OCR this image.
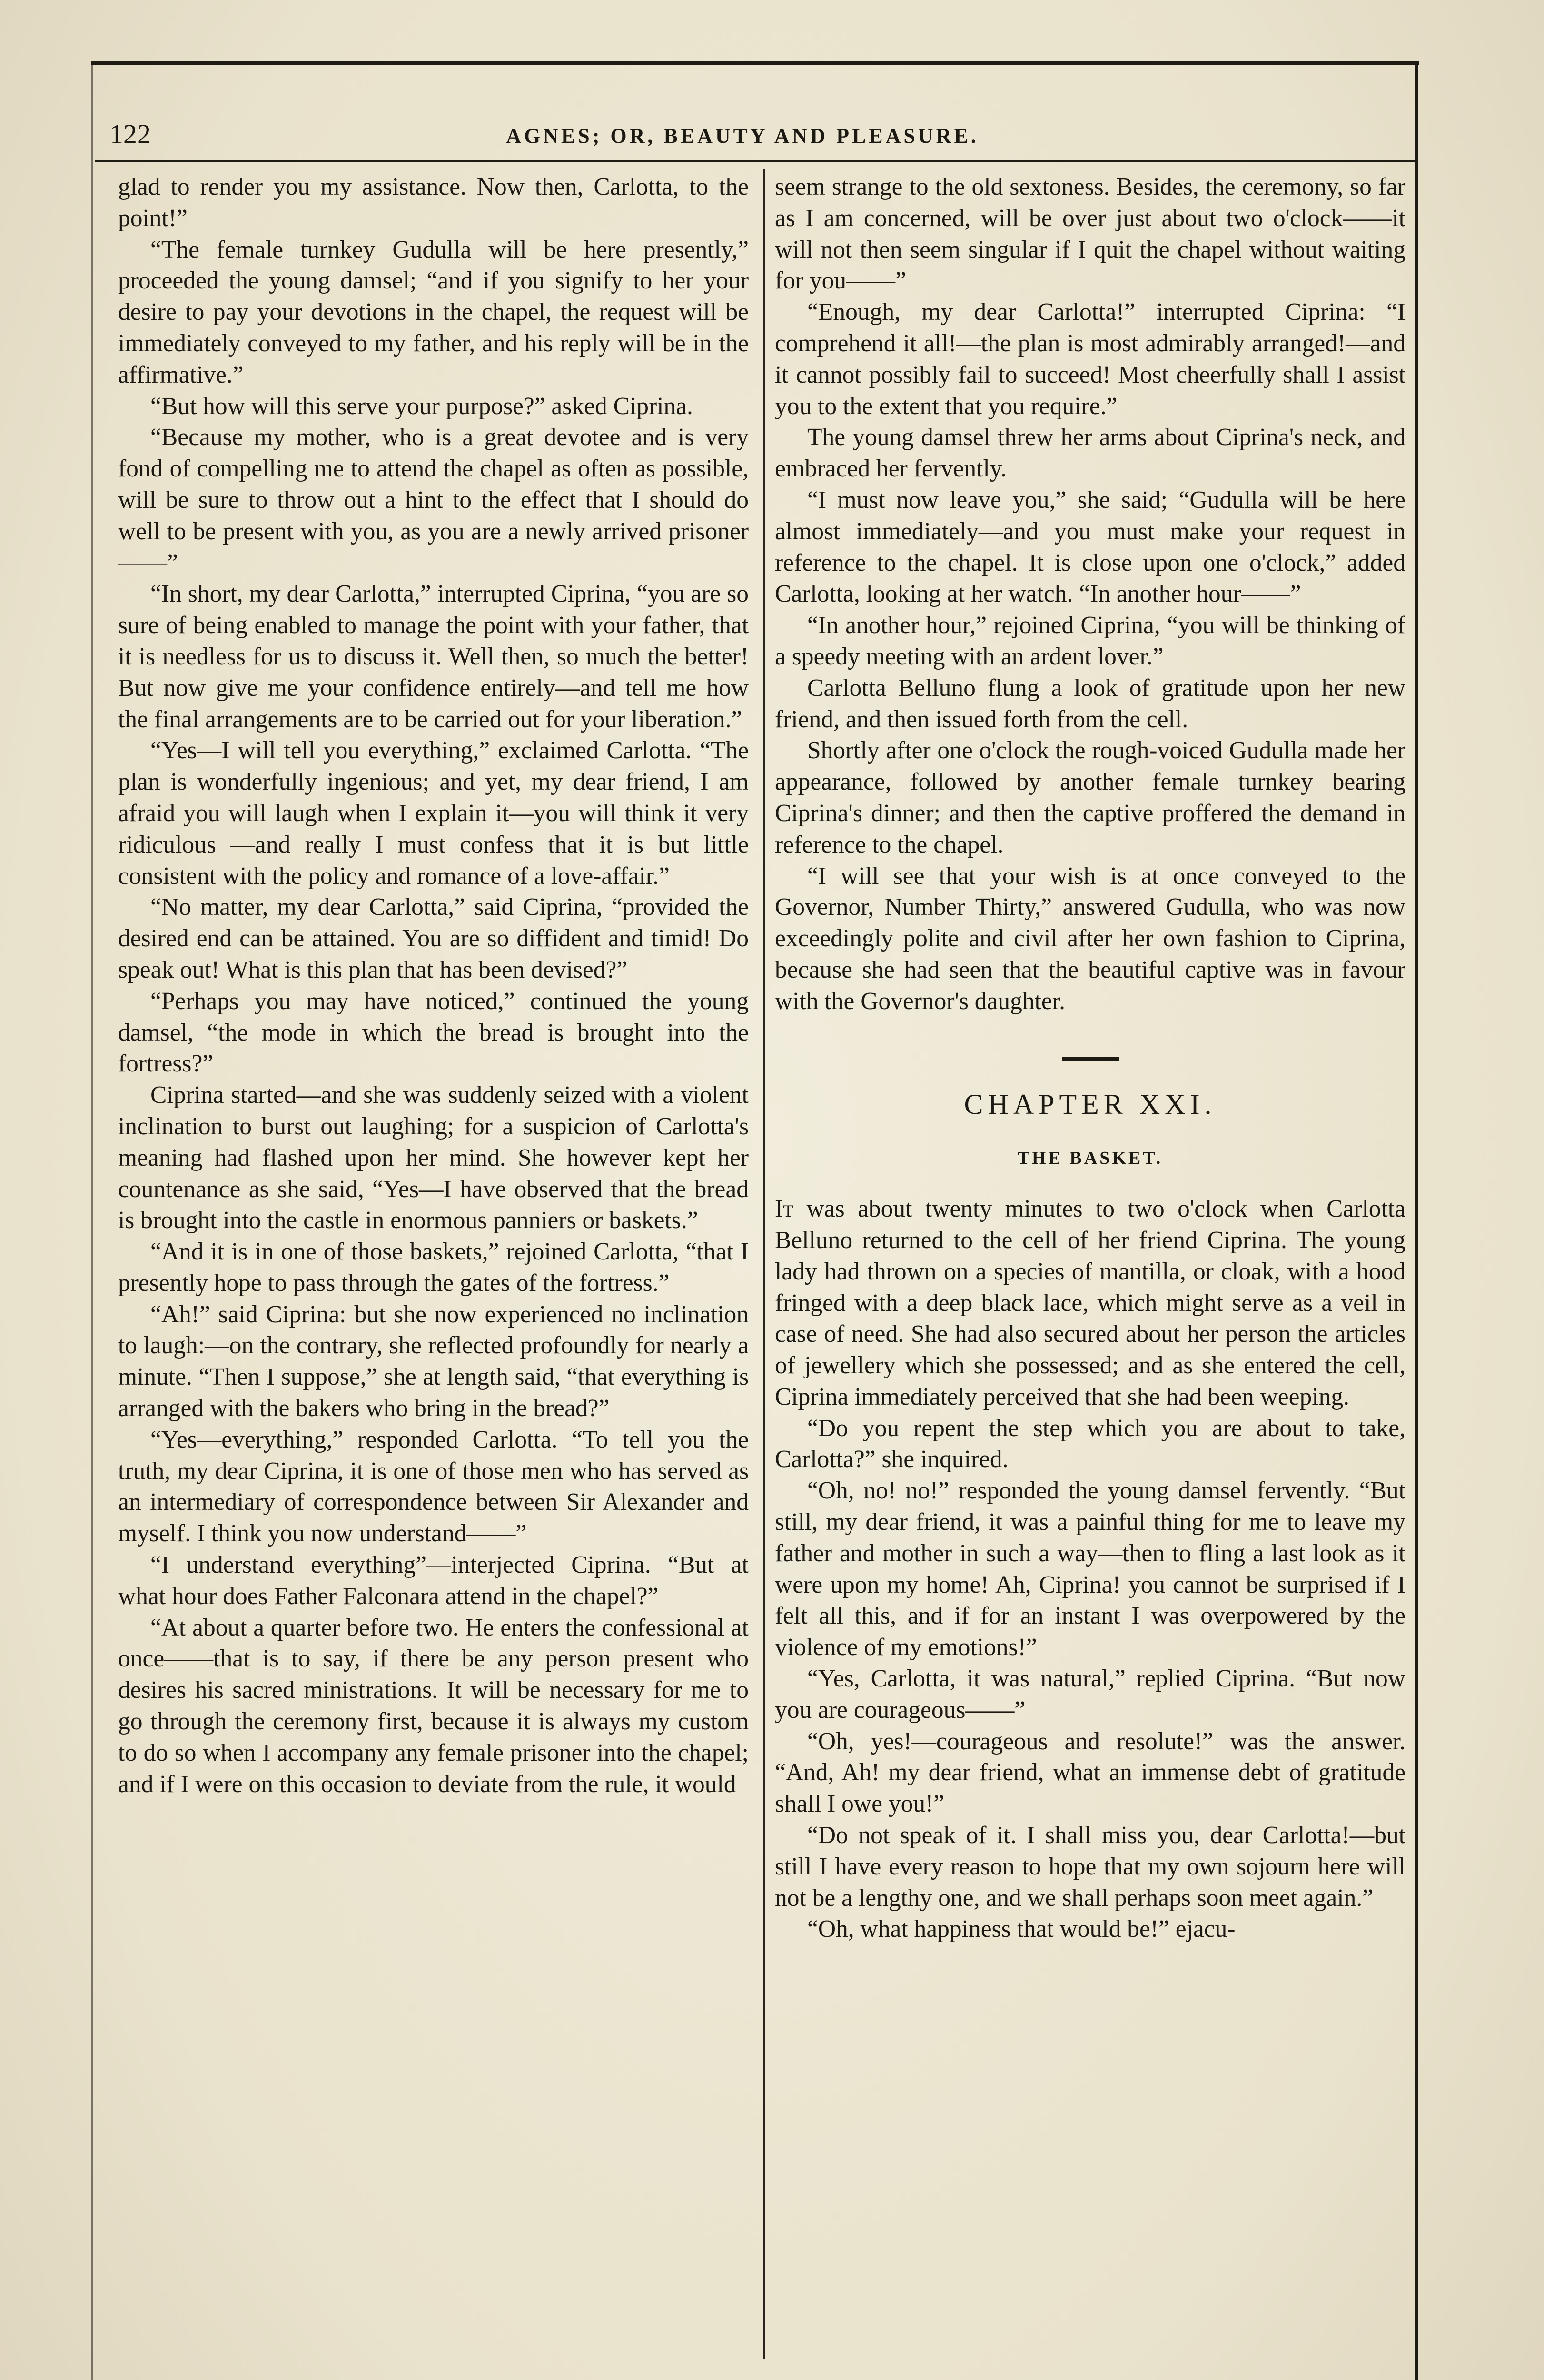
122	AGNES; OR, BEAUTY AND PLEASURE.

glad to render you my assistance. Now then, Carlotta, to the point!”

“The female turnkey Gudulla will be here presently,” proceeded the young damsel; “and if you signify to her your desire to pay your devotions in the chapel, the request will be immediately conveyed to my father, and his reply will be in the affirmative.”

“But how will this serve your purpose?” asked Ciprina.

“Because my mother, who is a great devotee and is very fond of compelling me to attend the chapel as often as possible, will be sure to throw out a hint to the effect that I should do well to be present with you, as you are a newly arrived prisoner——”

“In short, my dear Carlotta,” interrupted Ciprina, “you are so sure of being enabled to manage the point with your father, that it is needless for us to discuss it. Well then, so much the better! But now give me your confidence entirely—and tell me how the final arrangements are to be carried out for your liberation.”

“Yes—I will tell you everything,” exclaimed Carlotta. “The plan is wonderfully ingenious; and yet, my dear friend, I am afraid you will laugh when I explain it—you will think it very ridiculous —and really I must confess that it is but little consistent with the policy and romance of a love-affair.”

“No matter, my dear Carlotta,” said Ciprina, “provided the desired end can be attained. You are so diffident and timid! Do speak out! What is this plan that has been devised?”

“Perhaps you may have noticed,” continued the young damsel, “the mode in which the bread is brought into the fortress?”

Ciprina started—and she was suddenly seized with a violent inclination to burst out laughing; for a suspicion of Carlotta's meaning had flashed upon her mind. She however kept her countenance as she said, “Yes—I have observed that the bread is brought into the castle in enormous panniers or baskets.”

“And it is in one of those baskets,” rejoined Carlotta, “that I presently hope to pass through the gates of the fortress.”

“Ah!” said Ciprina: but she now experienced no inclination to laugh:—on the contrary, she reflected profoundly for nearly a minute. “Then I suppose,” she at length said, “that everything is arranged with the bakers who bring in the bread?”

“Yes—everything,” responded Carlotta. “To tell you the truth, my dear Ciprina, it is one of those men who has served as an intermediary of correspondence between Sir Alexander and myself. I think you now understand——”

“I understand everything”—interjected Ciprina. “But at what hour does Father Falconara attend in the chapel?”

“At about a quarter before two. He enters the confessional at once——that is to say, if there be any person present who desires his sacred ministrations. It will be necessary for me to go through the ceremony first, because it is always my custom to do so when I accompany any female prisoner into the chapel; and if I were on this occasion to deviate from the rule, it would

seem strange to the old sextoness. Besides, the ceremony, so far as I am concerned, will be over just about two o'clock——it will not then seem singular if I quit the chapel without waiting for you——”

“Enough, my dear Carlotta!” interrupted Ciprina: “I comprehend it all!—the plan is most admirably arranged!—and it cannot possibly fail to succeed! Most cheerfully shall I assist you to the extent that you require.”

The young damsel threw her arms about Ciprina's neck, and embraced her fervently.

“I must now leave you,” she said; “Gudulla will be here almost immediately—and you must make your request in reference to the chapel. It is close upon one o'clock,” added Carlotta, looking at her watch. “In another hour——”

“In another hour,” rejoined Ciprina, “you will be thinking of a speedy meeting with an ardent lover.”

Carlotta Belluno flung a look of gratitude upon her new friend, and then issued forth from the cell.

Shortly after one o'clock the rough-voiced Gudulla made her appearance, followed by another female turnkey bearing Ciprina's dinner; and then the captive proffered the demand in reference to the chapel.

“I will see that your wish is at once conveyed to the Governor, Number Thirty,” answered Gudulla, who was now exceedingly polite and civil after her own fashion to Ciprina, because she had seen that the beautiful captive was in favour with the Governor's daughter.

CHAPTER XXI.
THE BASKET.

It was about twenty minutes to two o'clock when Carlotta Belluno returned to the cell of her friend Ciprina. The young lady had thrown on a species of mantilla, or cloak, with a hood fringed with a deep black lace, which might serve as a veil in case of need. She had also secured about her person the articles of jewellery which she possessed; and as she entered the cell, Ciprina immediately perceived that she had been weeping.

“Do you repent the step which you are about to take, Carlotta?” she inquired.

“Oh, no! no!” responded the young damsel fervently. “But still, my dear friend, it was a painful thing for me to leave my father and mother in such a way—then to fling a last look as it were upon my home! Ah, Ciprina! you cannot be surprised if I felt all this, and if for an instant I was overpowered by the violence of my emotions!”

“Yes, Carlotta, it was natural,” replied Ciprina. “But now you are courageous——”

“Oh, yes!—courageous and resolute!” was the answer. “And, Ah! my dear friend, what an immense debt of gratitude shall I owe you!”

“Do not speak of it. I shall miss you, dear Carlotta!—but still I have every reason to hope that my own sojourn here will not be a lengthy one, and we shall perhaps soon meet again.”

“Oh, what happiness that would be!” ejacu-
